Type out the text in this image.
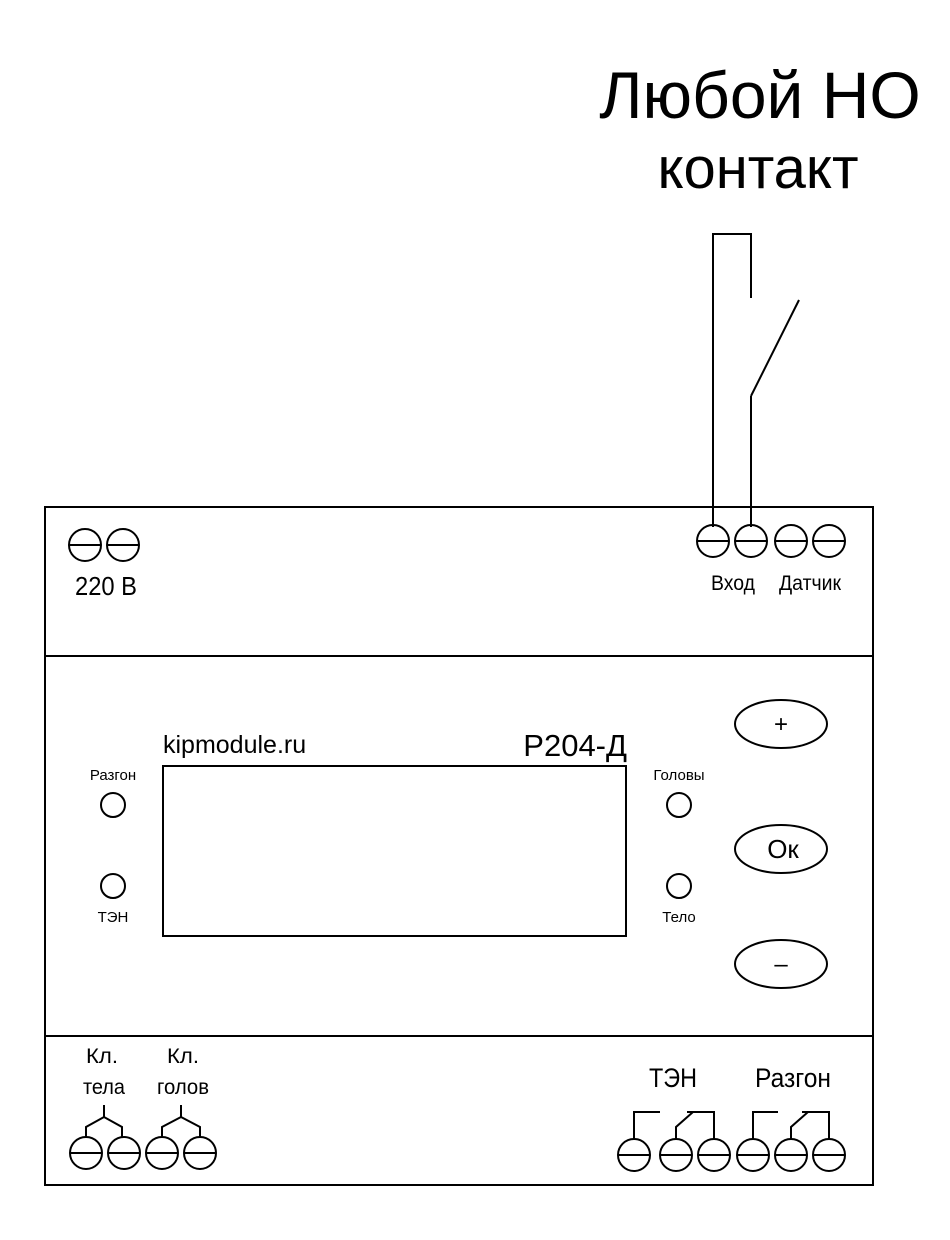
Любой НО
контакт
220 В	Вход Датчик
kipmodule.ru	Р204-Д
Разгон
ТЭН
Головы
Тело
+
Ок
–
Кл.
тела
Кл.
голов	ТЭН Разгон
